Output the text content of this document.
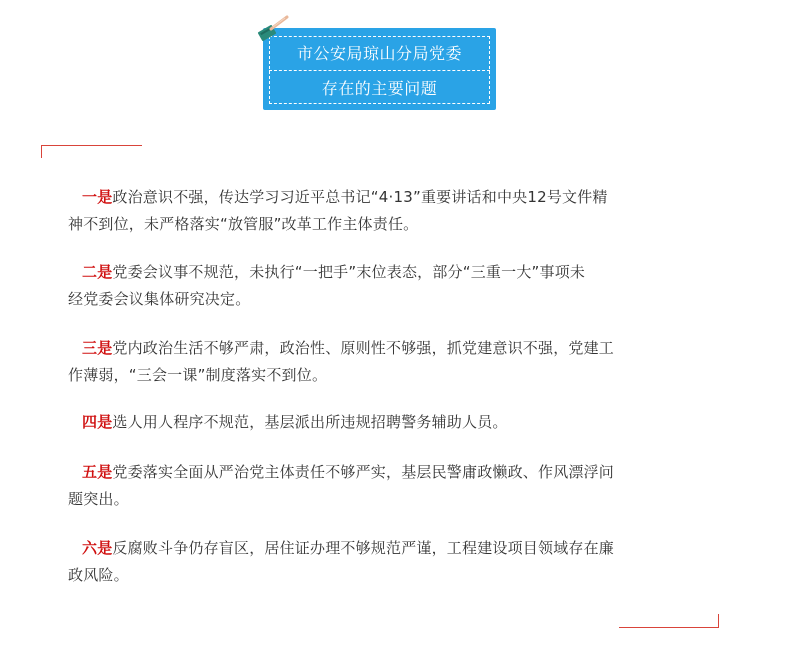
市公安局琼山分局党委
存在的主要问题
一是政治意识不强，传达学习习近平总书记“4·13”重要讲话和中央12号文件精
神不到位，未严格落实“放管服”改革工作主体责任。
二是党委会议事不规范，未执行“一把手”末位表态，部分“三重一大”事项未
经党委会议集体研究决定。
三是党内政治生活不够严肃，政治性、原则性不够强，抓党建意识不强，党建工
作薄弱，“三会一课”制度落实不到位。
四是选人用人程序不规范，基层派出所违规招聘警务辅助人员。
五是党委落实全面从严治党主体责任不够严实，基层民警庸政懒政、作风漂浮问
题突出。
六是反腐败斗争仍存盲区，居住证办理不够规范严谨，工程建设项目领域存在廉
政风险。
